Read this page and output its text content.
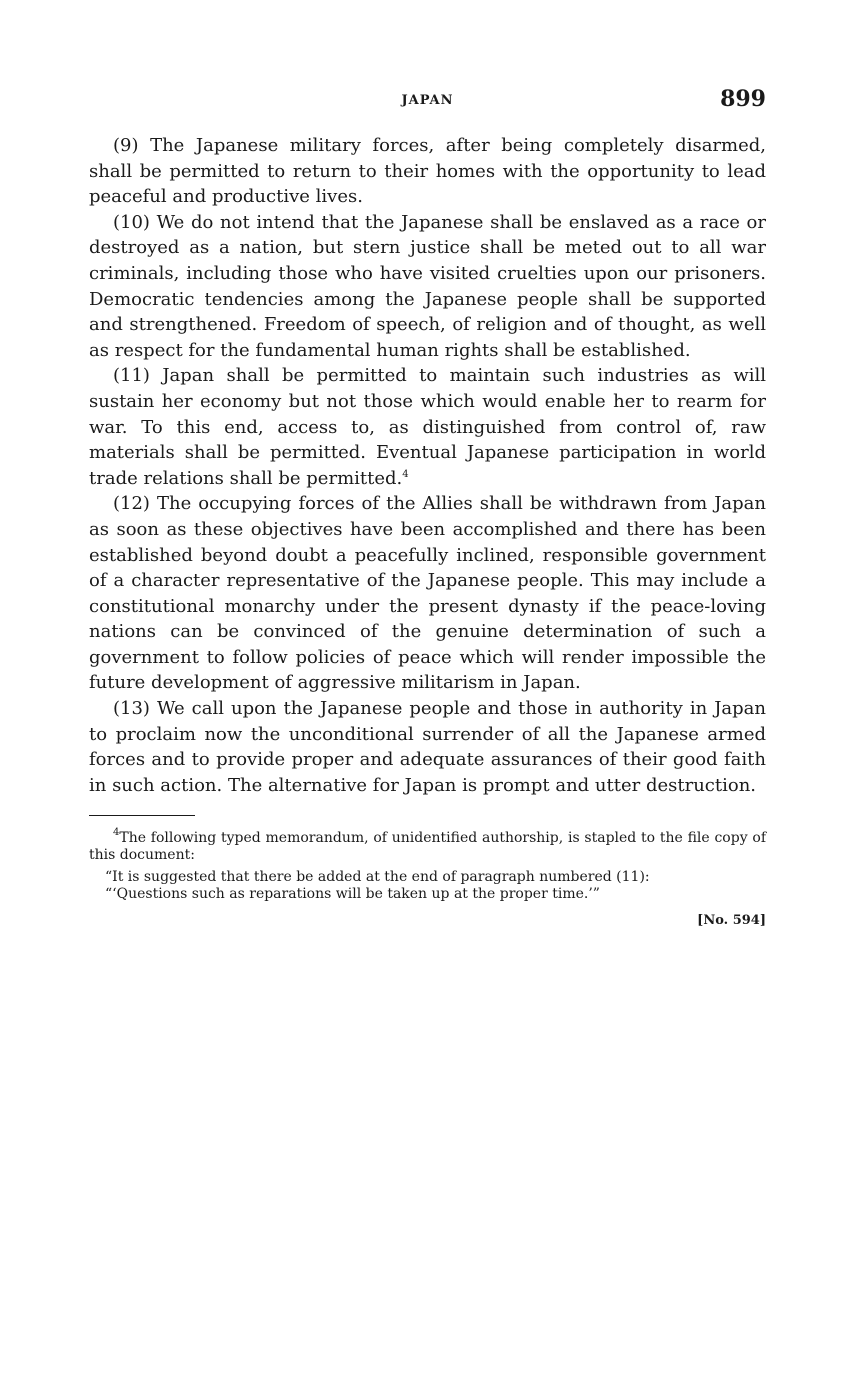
JAPAN	899

(9) The Japanese military forces, after being completely disarmed, shall be permitted to return to their homes with the opportunity to lead peaceful and productive lives.

(10) We do not intend that the Japanese shall be enslaved as a race or destroyed as a nation, but stern justice shall be meted out to all war criminals, including those who have visited cruelties upon our prisoners. Democratic tendencies among the Japanese people shall be supported and strengthened. Freedom of speech, of religion and of thought, as well as respect for the fundamental human rights shall be established.

(11) Japan shall be permitted to maintain such industries as will sustain her economy but not those which would enable her to rearm for war. To this end, access to, as distinguished from control of, raw materials shall be permitted. Eventual Japanese participation in world trade relations shall be permitted.$^4$

(12) The occupying forces of the Allies shall be withdrawn from Japan as soon as these objectives have been accomplished and there has been established beyond doubt a peacefully inclined, responsible government of a character representative of the Japanese people. This may include a constitutional monarchy under the present dynasty if the peace-loving nations can be convinced of the genuine determination of such a government to follow policies of peace which will render impossible the future development of aggressive militarism in Japan.

(13) We call upon the Japanese people and those in authority in Japan to proclaim now the unconditional surrender of all the Japanese armed forces and to provide proper and adequate assurances of their good faith in such action. The alternative for Japan is prompt and utter destruction.

$^4$The following typed memorandum, of unidentified authorship, is stapled to the file copy of this document:

“It is suggested that there be added at the end of paragraph numbered (11):

“‘Questions such as reparations will be taken up at the proper time.’”

[No. 594]
